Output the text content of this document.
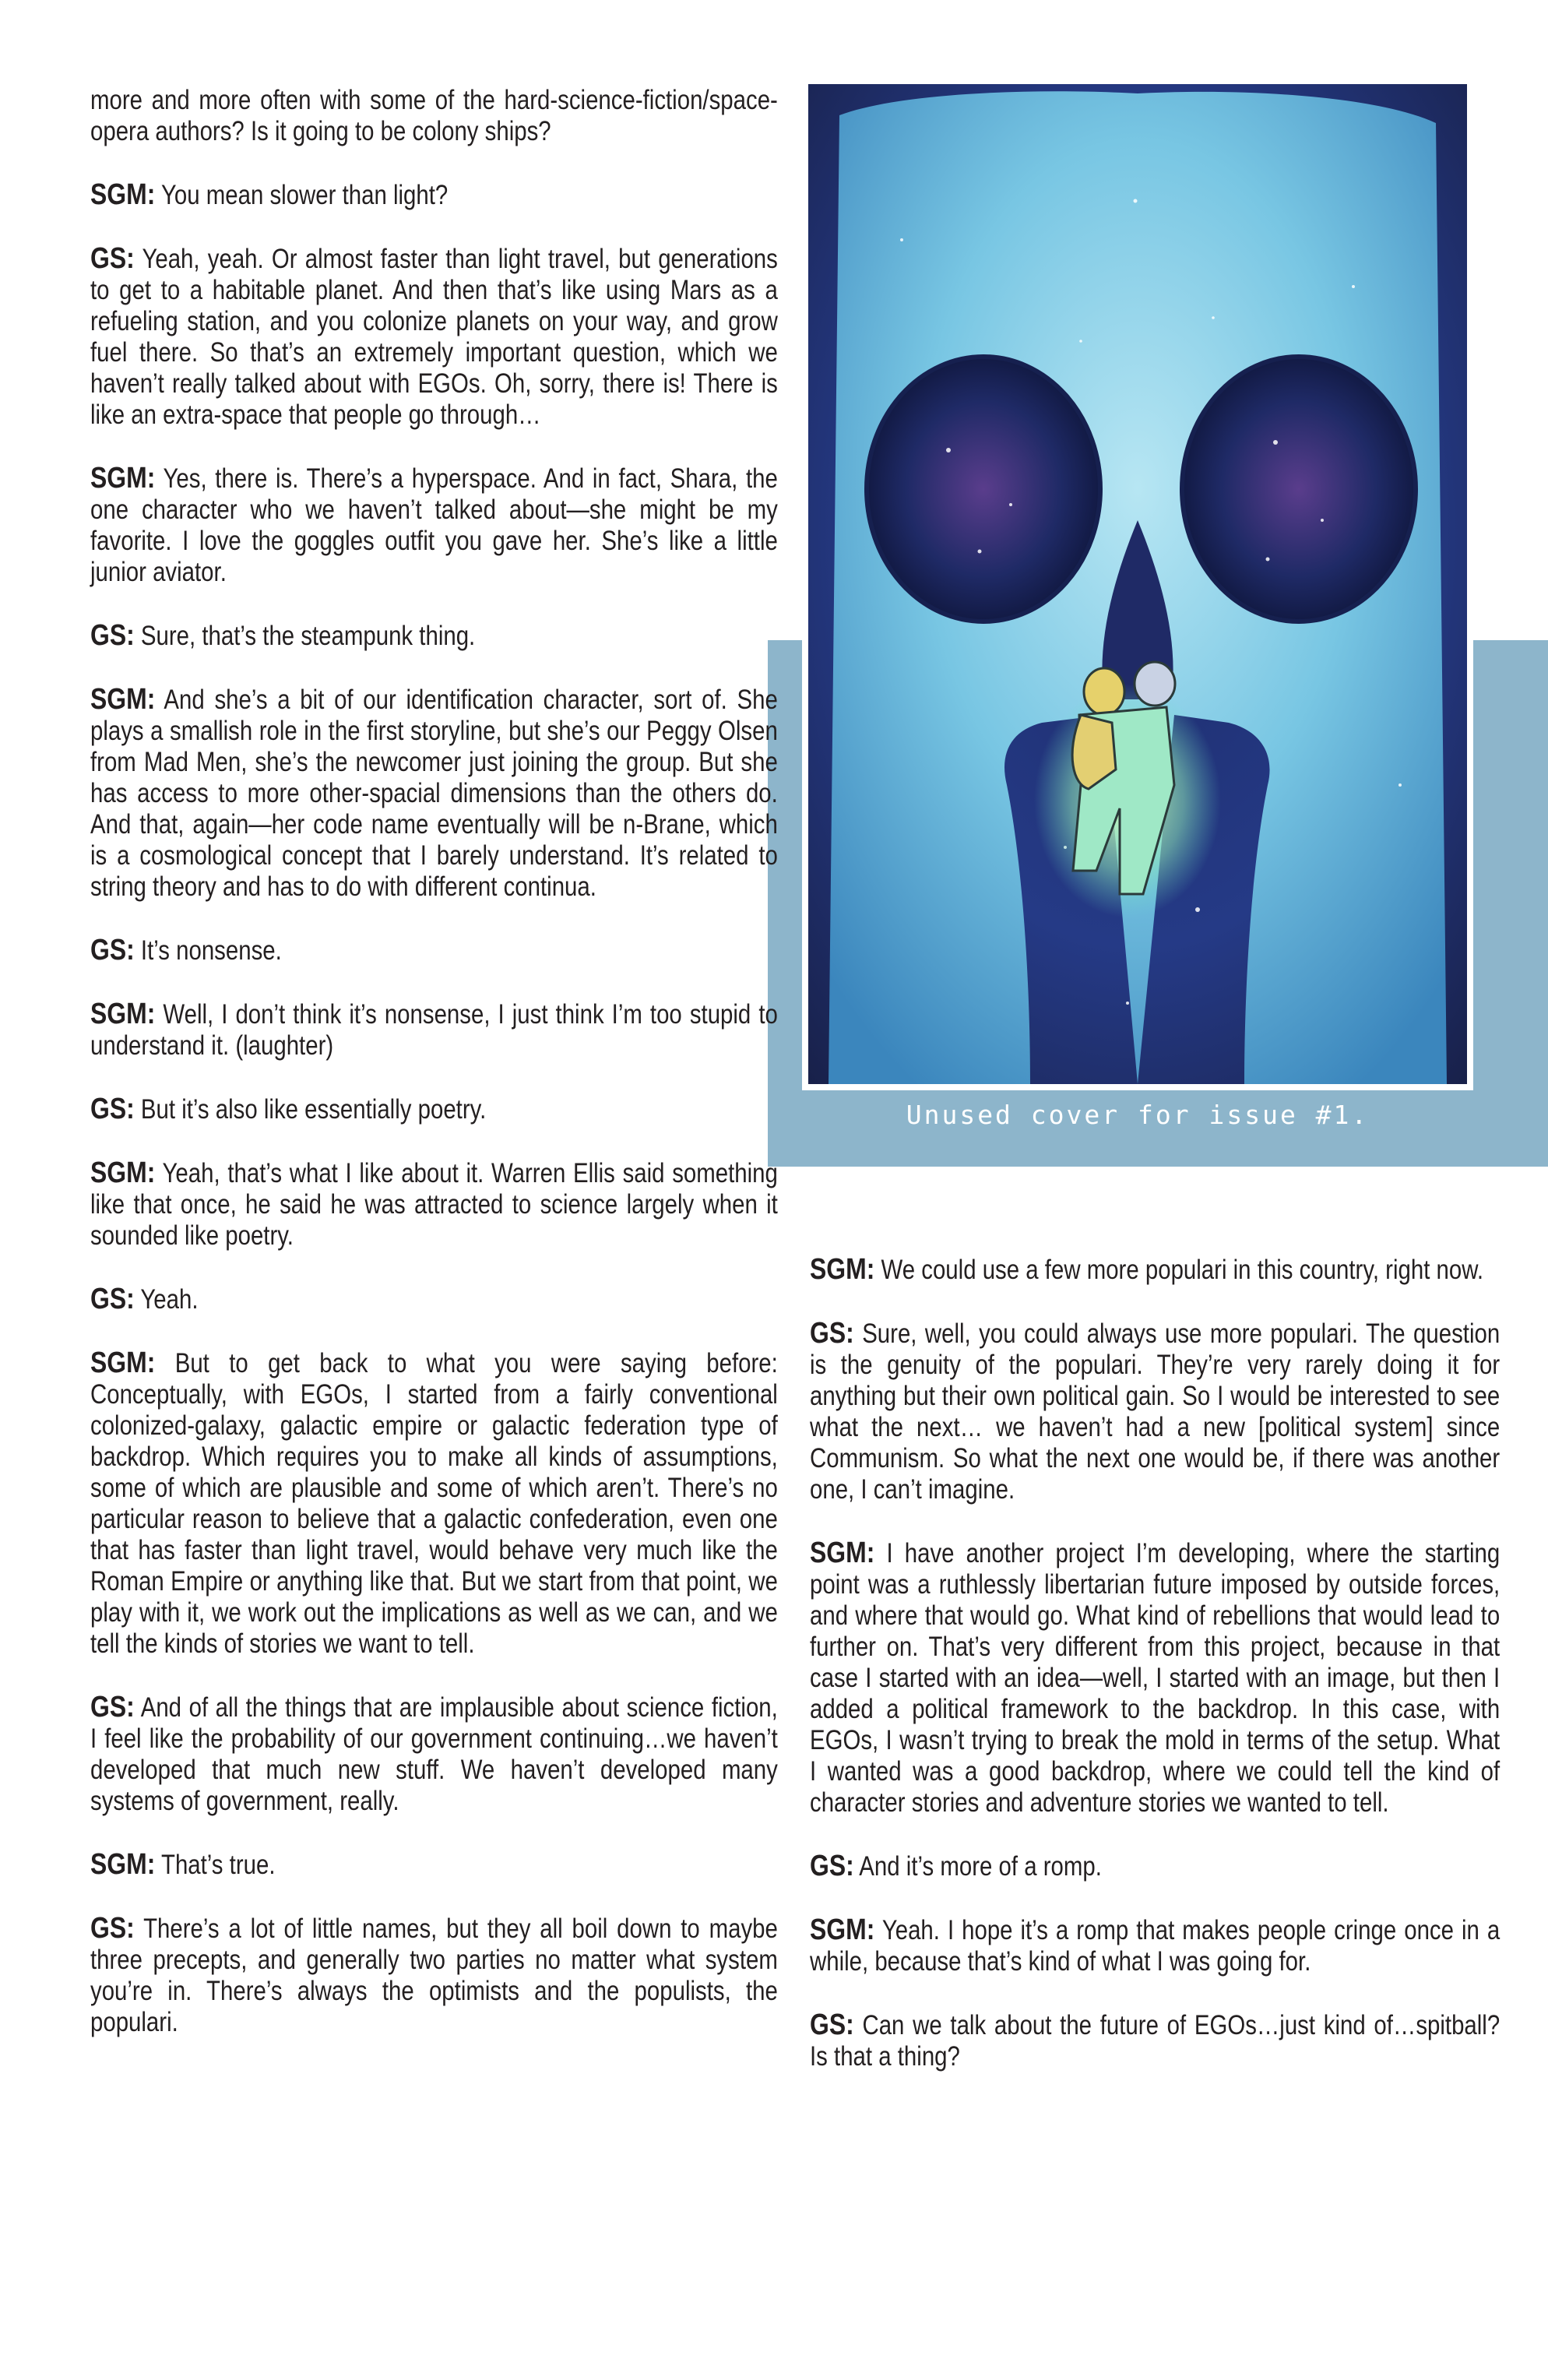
Unused cover for issue #1.

more and more often with some of the hard-science-fiction/space-opera authors? Is it going to be colony ships?

SGM: You mean slower than light?

GS: Yeah, yeah. Or almost faster than light travel, but generations to get to a habitable planet. And then that’s like using Mars as a refueling station, and you colonize planets on your way, and grow fuel there. So that’s an extremely important question, which we haven’t really talked about with EGOs. Oh, sorry, there is! There is like an extra-space that people go through…

SGM: Yes, there is. There’s a hyperspace. And in fact, Shara, the one character who we haven’t talked about—she might be my favorite. I love the goggles outfit you gave her. She’s like a little junior aviator.

GS: Sure, that’s the steampunk thing.

SGM: And she’s a bit of our identification character, sort of. She plays a smallish role in the first storyline, but she’s our Peggy Olsen from Mad Men, she’s the newcomer just joining the group. But she has access to more other-spacial dimensions than the others do. And that, again—her code name eventually will be n-Brane, which is a cosmological concept that I barely understand. It’s related to string theory and has to do with different continua.

GS: It’s nonsense.

SGM: Well, I don’t think it’s nonsense, I just think I’m too stupid to understand it. (laughter)

GS: But it’s also like essentially poetry.

SGM: Yeah, that’s what I like about it. Warren Ellis said something like that once, he said he was attracted to science largely when it sounded like poetry.

GS: Yeah.

SGM: But to get back to what you were saying before: Conceptually, with EGOs, I started from a fairly conventional colonized-galaxy, galactic empire or galactic federation type of backdrop. Which requires you to make all kinds of assumptions, some of which are plausible and some of which aren’t. There’s no particular reason to believe that a galactic confederation, even one that has faster than light travel, would behave very much like the Roman Empire or anything like that. But we start from that point, we play with it, we work out the implications as well as we can, and we tell the kinds of stories we want to tell.

GS: And of all the things that are implausible about science fiction, I feel like the probability of our government continuing…we haven’t developed that much new stuff. We haven’t developed many systems of government, really.

SGM: That’s true.

GS: There’s a lot of little names, but they all boil down to maybe three precepts, and generally two parties no matter what system you’re in. There’s always the optimists and the populists, the populari.

SGM: We could use a few more populari in this country, right now.

GS: Sure, well, you could always use more populari. The question is the genuity of the populari. They’re very rarely doing it for anything but their own political gain. So I would be interested to see what the next… we haven’t had a new [political system] since Communism. So what the next one would be, if there was another one, I can’t imagine.

SGM: I have another project I’m developing, where the starting point was a ruthlessly libertarian future imposed by outside forces, and where that would go. What kind of rebellions that would lead to further on. That’s very different from this project, because in that case I started with an idea—well, I started with an image, but then I added a political framework to the backdrop. In this case, with EGOs, I wasn’t trying to break the mold in terms of the setup. What I wanted was a good backdrop, where we could tell the kind of character stories and adventure stories we wanted to tell.

GS: And it’s more of a romp.

SGM: Yeah. I hope it’s a romp that makes people cringe once in a while, because that’s kind of what I was going for.

GS: Can we talk about the future of EGOs…just kind of…spitball? Is that a thing?
